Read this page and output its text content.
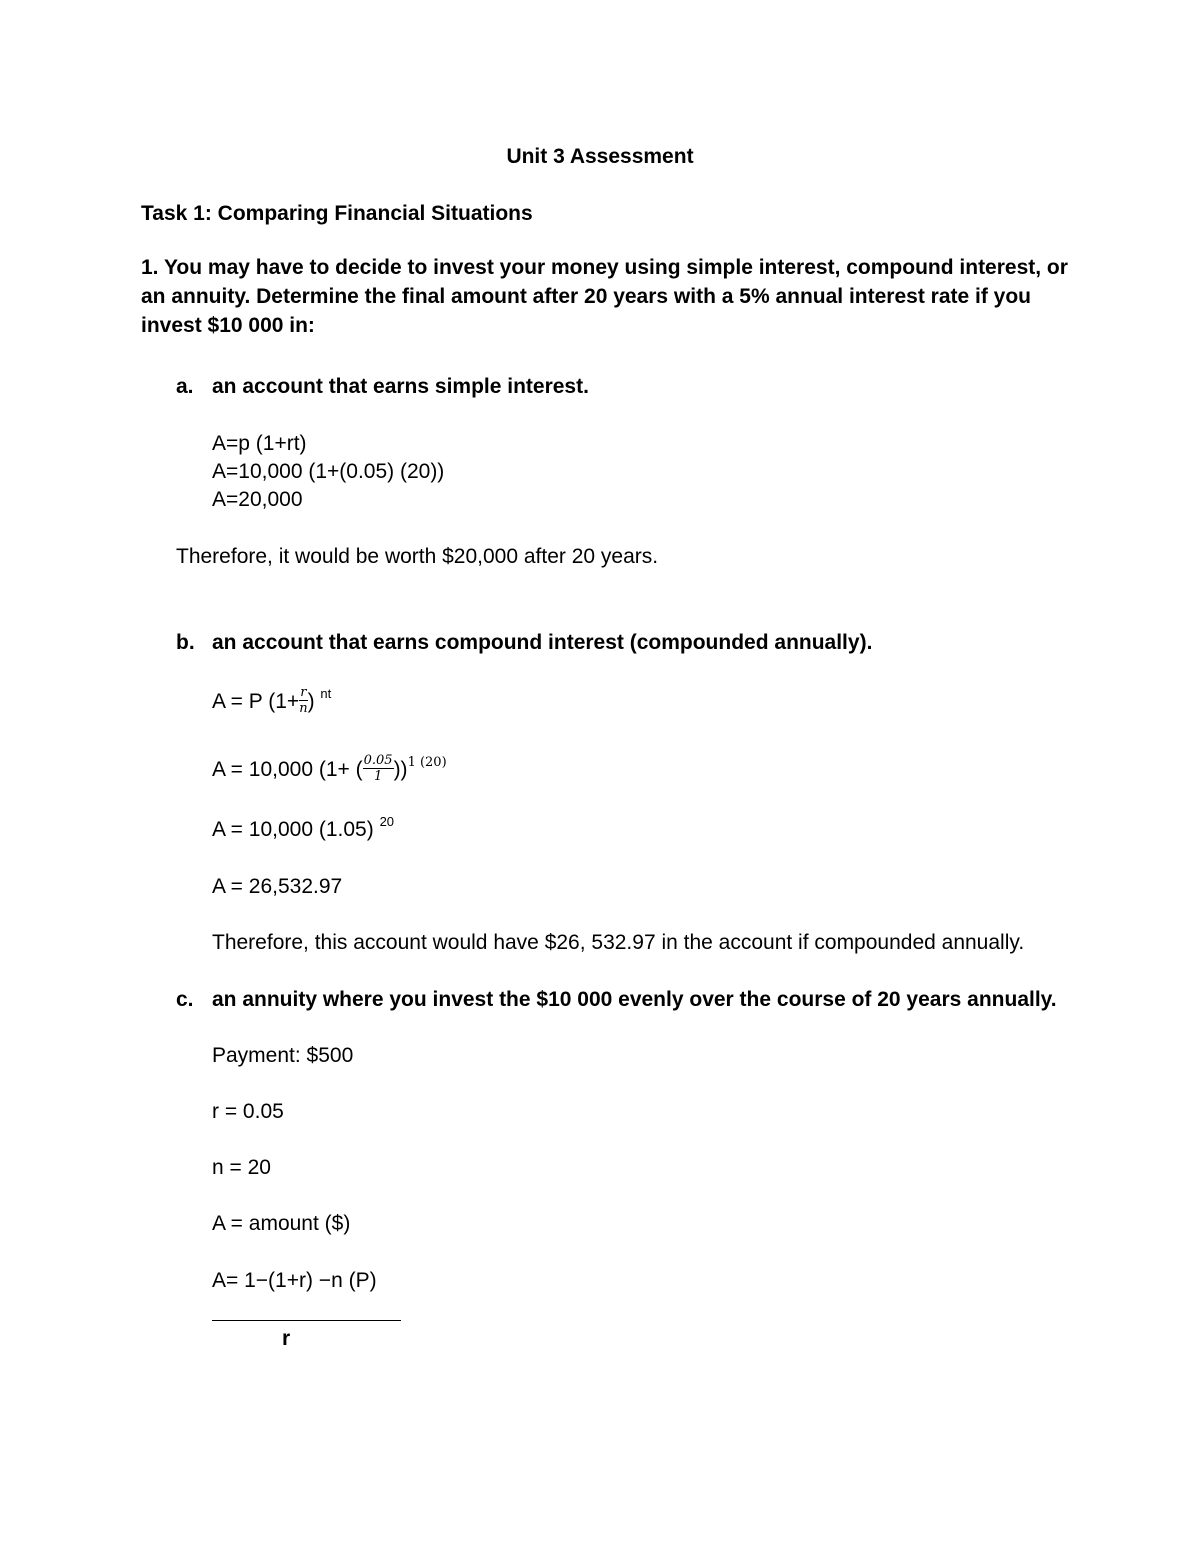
Unit 3 Assessment
Task 1: Comparing Financial Situations
1. You may have to decide to invest your money using simple interest, compound interest, or
an annuity. Determine the final amount after 20 years with a 5% annual interest rate if you
invest $10 000 in:
a. an account that earns simple interest.
A=p (1+rt)
A=10,000 (1+(0.05) (20))
A=20,000
Therefore, it would be worth $20,000 after 20 years.
b. an account that earns compound interest (compounded annually).
A = P ($1+ \frac{r}{n}$ ) $^{nt}$
A = 10,000 (1+ ( $\frac{0.05}{1} ))^{1 (20)}$
A = 10,000 (1.05) $^{20}$
A = 26,532.97
Therefore, this account would have $26, 532.97 in the account if compounded annually.
c. an annuity where you invest the $10 000 evenly over the course of 20 years annually.
Payment: $500
r = 0.05
n = 20
A = amount ($)
A= 1−(1+r) −n (P)
r
